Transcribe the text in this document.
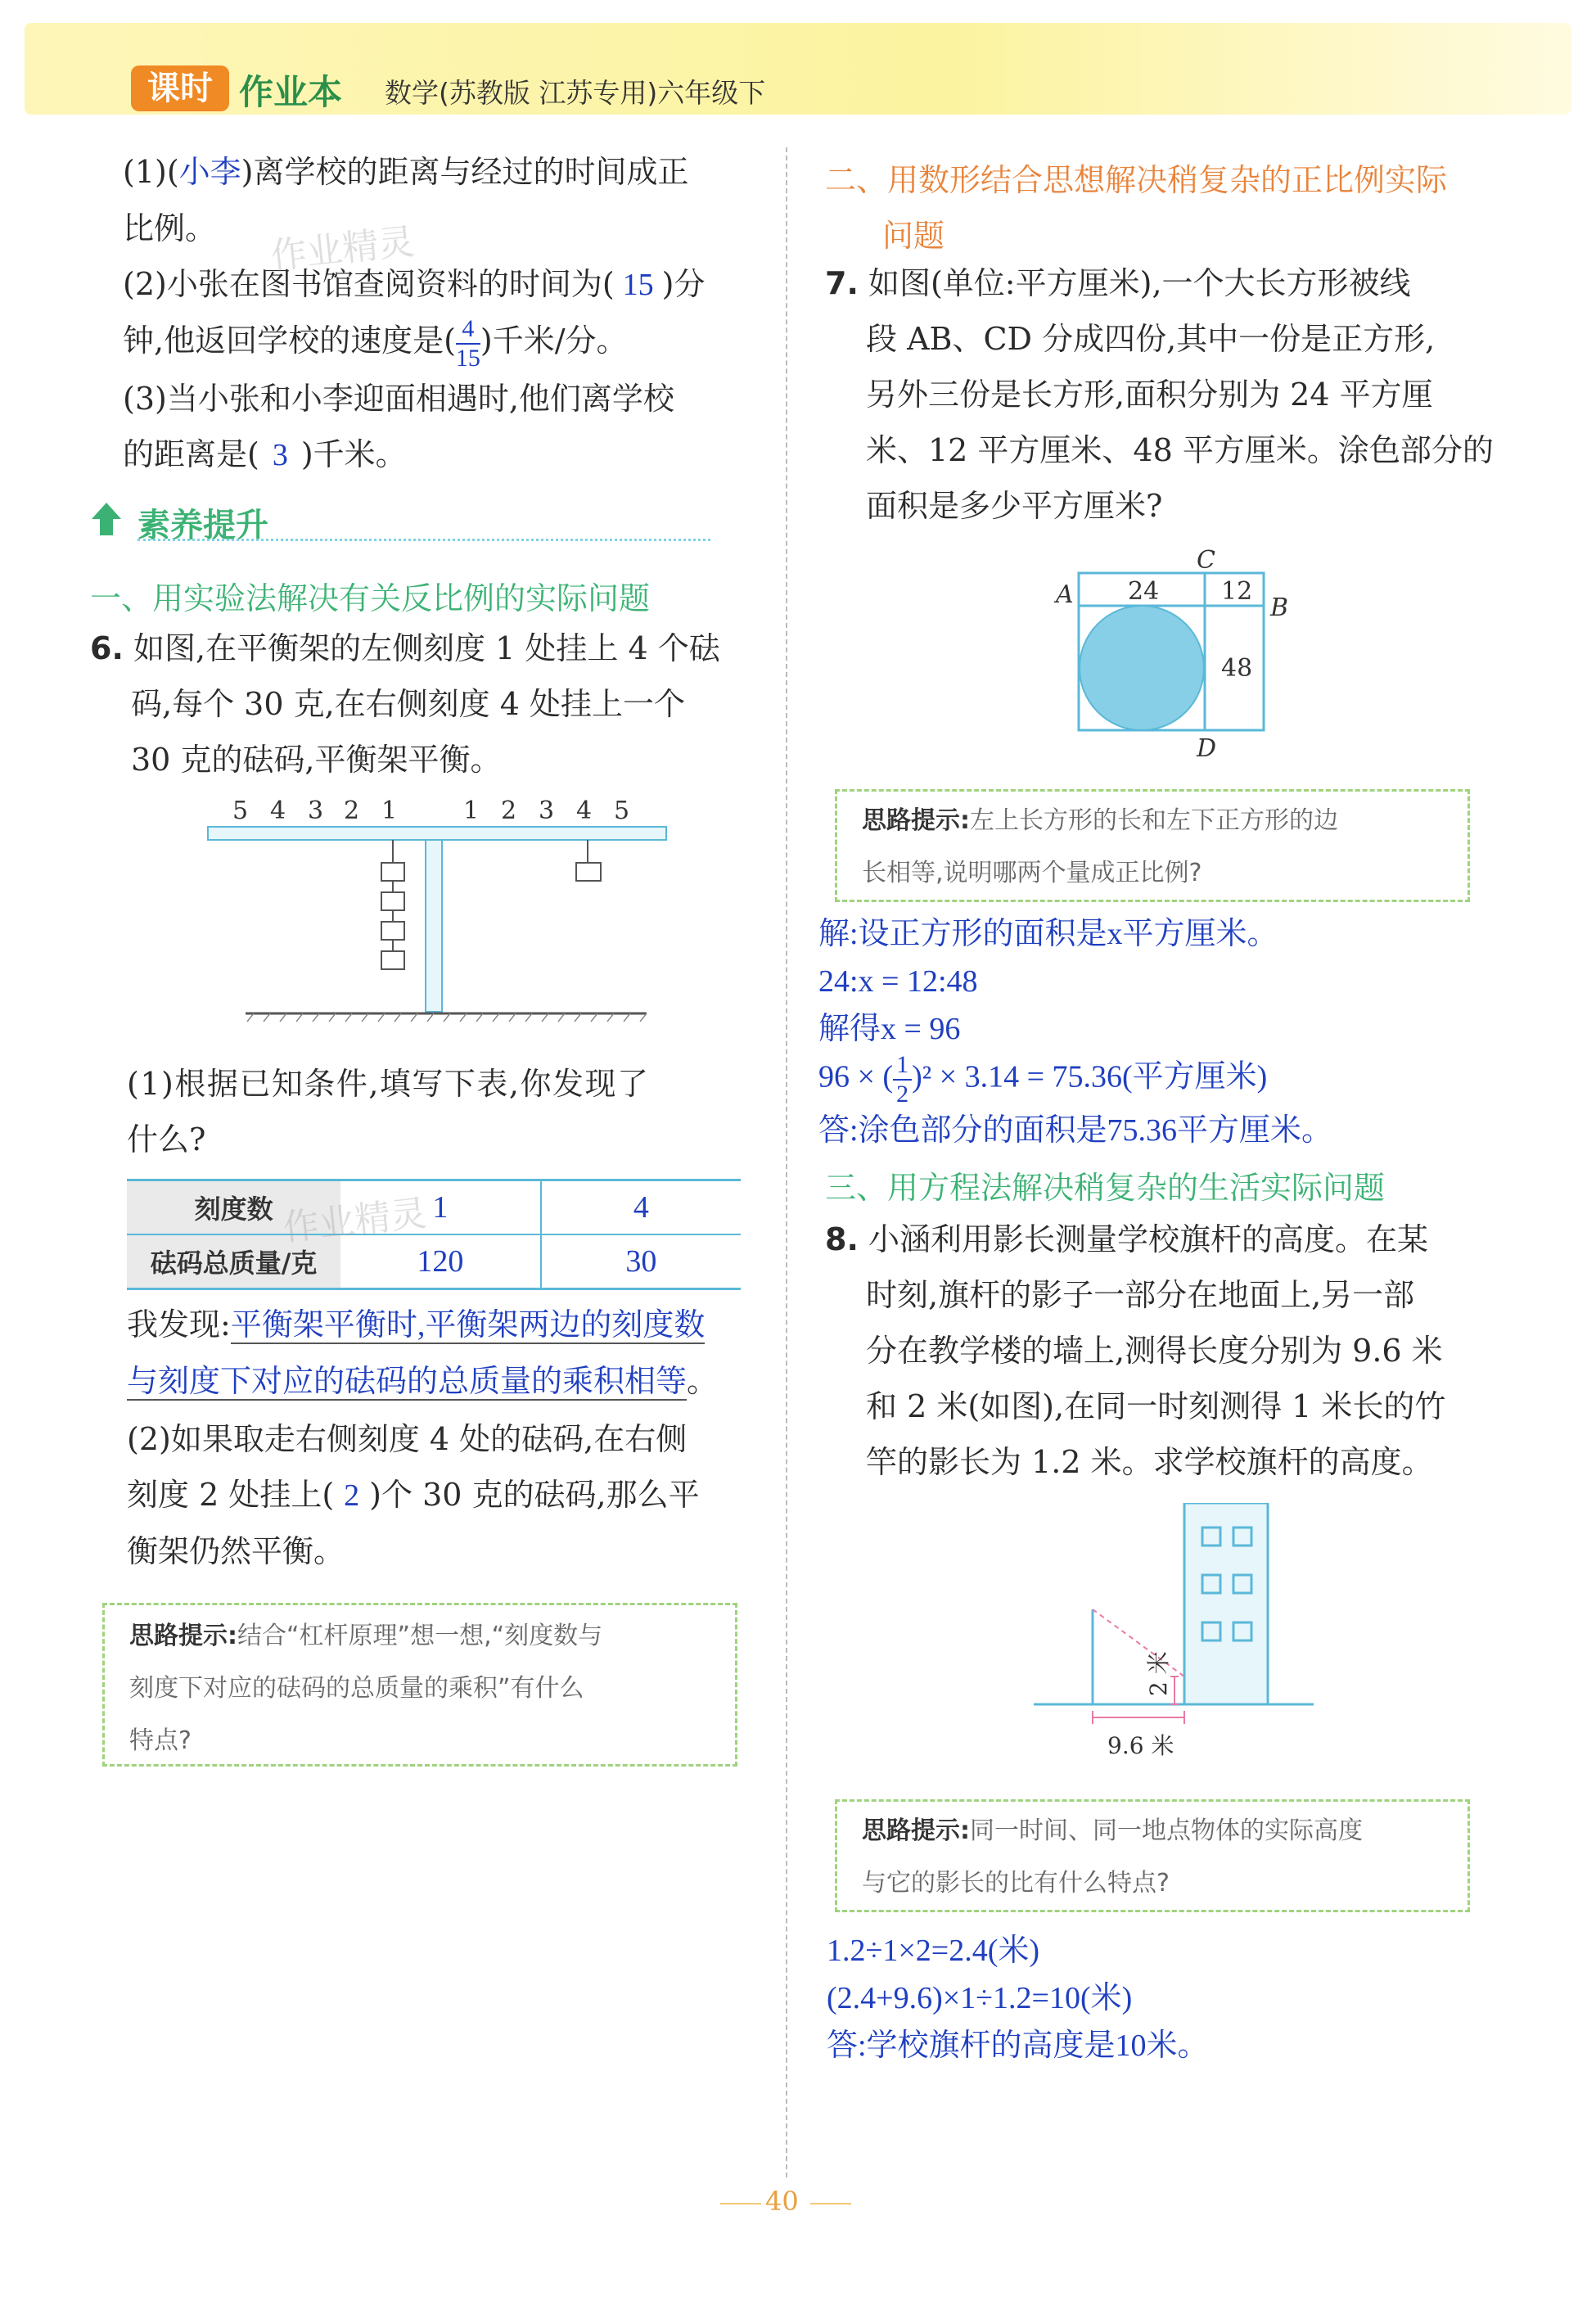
课时 作业本 数学(苏教版 江苏专用)六年级下
(1)(小李)离学校的距离与经过的时间成正
比例。
(2)小张在图书馆查阅资料的时间为( 15 )分
钟,他返回学校的速度是( $\frac{4}{15}$ )千米/分。
(3)当小张和小李迎面相遇时,他们离学校
的距离是( 3 )千米。
作业精灵
素养提升
一、用实验法解决有关反比例的实际问题
6. 如图,在平衡架的左侧刻度 1 处挂上 4 个砝
码,每个 30 克,在右侧刻度 4 处挂上一个
30 克的砝码,平衡架平衡。
5 4 3 2 1	1 2 3 4 5
(1)根据已知条件,填写下表,你发现了
什么?
刻度数	1	4
砝码总质量/克	120	30
作业精灵
我发现:平衡架平衡时,平衡架两边的刻度数
与刻度下对应的砝码的总质量的乘积相等。
(2)如果取走右侧刻度 4 处的砝码,在右侧
刻度 2 处挂上( 2 )个 30 克的砝码,那么平
衡架仍然平衡。
思路提示:结合“杠杆原理”想一想,“刻度数与
刻度下对应的砝码的总质量的乘积”有什么
特点?
二、用数形结合思想解决稍复杂的正比例实际
问题
7. 如图(单位:平方厘米),一个大长方形被线
段 AB、CD 分成四份,其中一份是正方形,
另外三份是长方形,面积分别为 24 平方厘
米、12 平方厘米、48 平方厘米。涂色部分的
面积是多少平方厘米?
A	B
C
D
24	12
48
思路提示:左上长方形的长和左下正方形的边
长相等,说明哪两个量成正比例?
解:设正方形的面积是x平方厘米。
24:x = 12:48
解得x = 96
96 × ( $\frac{1}{2} )^2 \times 3.14 = 75.36$(平方厘米)
答:涂色部分的面积是75.36平方厘米。
三、用方程法解决稍复杂的生活实际问题
8. 小涵利用影长测量学校旗杆的高度。在某
时刻,旗杆的影子一部分在地面上,另一部
分在教学楼的墙上,测得长度分别为 9.6 米
和 2 米(如图),在同一时刻测得 1 米长的竹
竿的影长为 1.2 米。求学校旗杆的高度。
2 米
9.6 米
思路提示:同一时间、同一地点物体的实际高度
与它的影长的比有什么特点?
1.2÷1×2=2.4(米)
(2.4+9.6)×1÷1.2=10(米)
答:学校旗杆的高度是10米。
40
